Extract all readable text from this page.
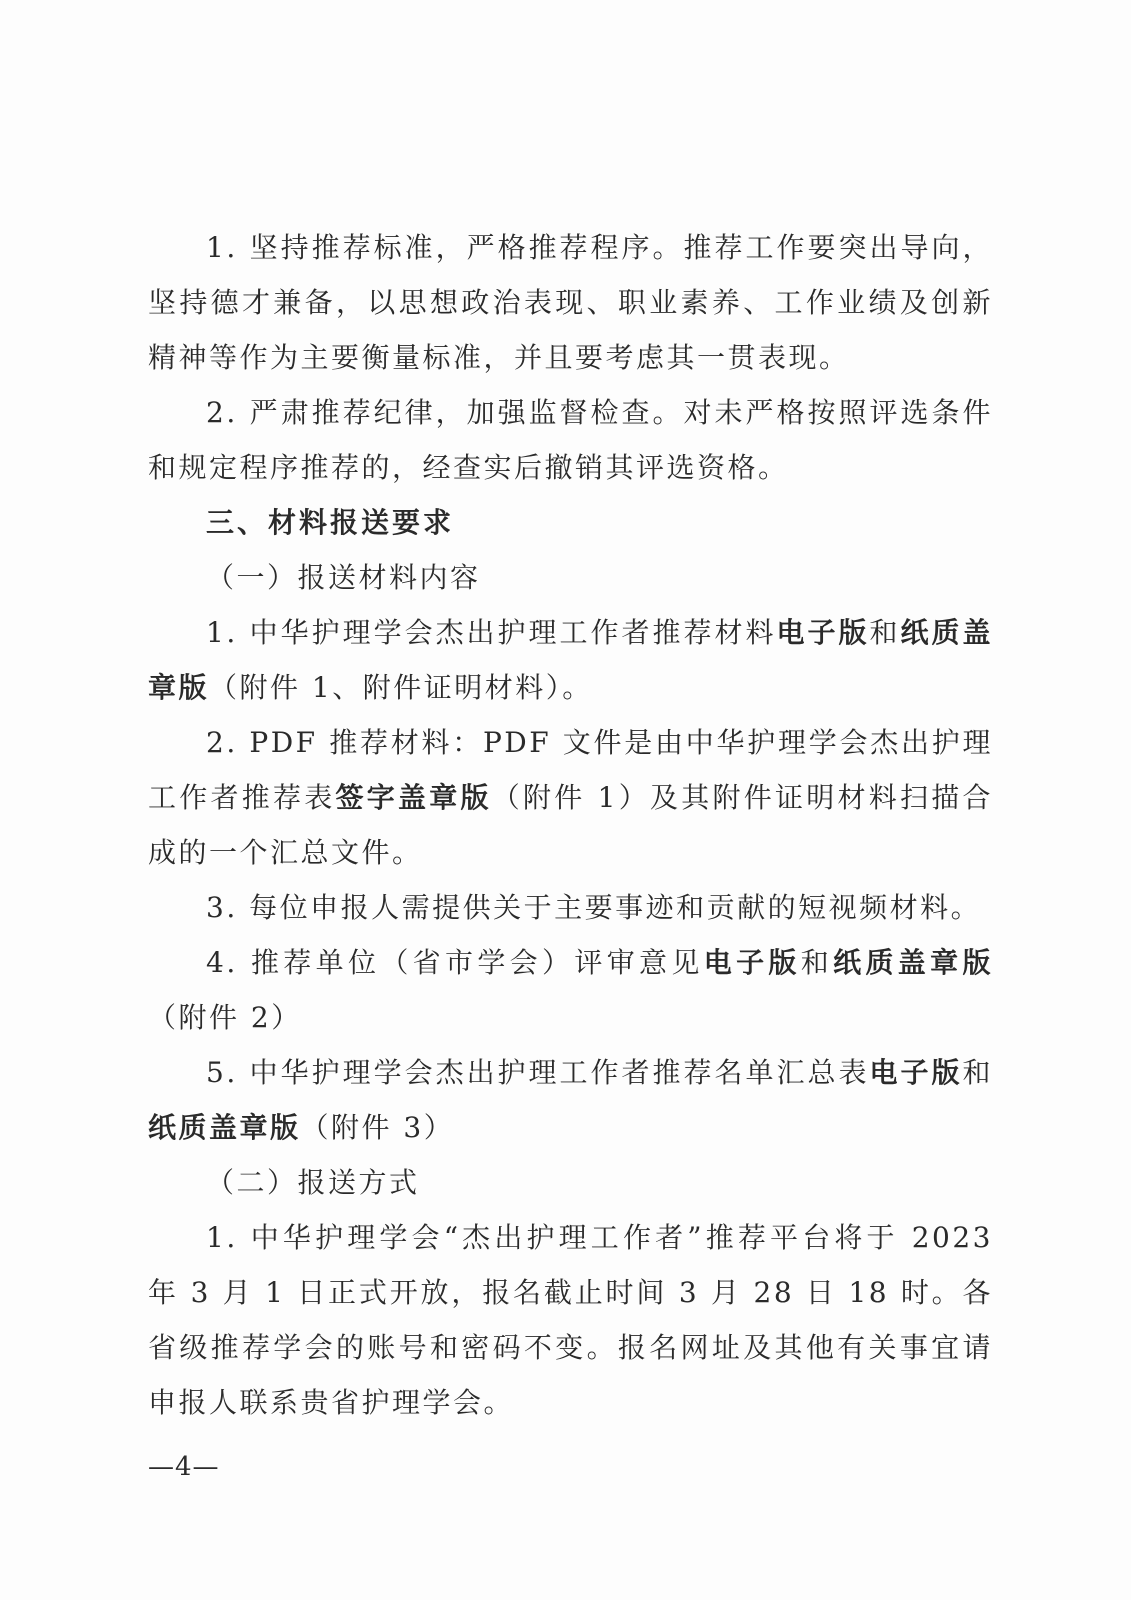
1. 坚持推荐标准，严格推荐程序。推荐工作要突出导向，坚持德才兼备，以思想政治表现、职业素养、工作业绩及创新精神等作为主要衡量标准，并且要考虑其一贯表现。

2. 严肃推荐纪律，加强监督检查。对未严格按照评选条件和规定程序推荐的，经查实后撤销其评选资格。

三、材料报送要求

（一）报送材料内容

1. 中华护理学会杰出护理工作者推荐材料电子版和纸质盖章版（附件 1、附件证明材料）。

2. PDF 推荐材料：PDF 文件是由中华护理学会杰出护理工作者推荐表签字盖章版（附件 1）及其附件证明材料扫描合成的一个汇总文件。

3. 每位申报人需提供关于主要事迹和贡献的短视频材料。

4. 推荐单位（省市学会）评审意见电子版和纸质盖章版（附件 2）

5. 中华护理学会杰出护理工作者推荐名单汇总表电子版和纸质盖章版（附件 3）

（二）报送方式

1. 中华护理学会“杰出护理工作者”推荐平台将于 2023 年 3 月 1 日正式开放，报名截止时间 3 月 28 日 18 时。各省级推荐学会的账号和密码不变。报名网址及其他有关事宜请申报人联系贵省护理学会。

—4—
